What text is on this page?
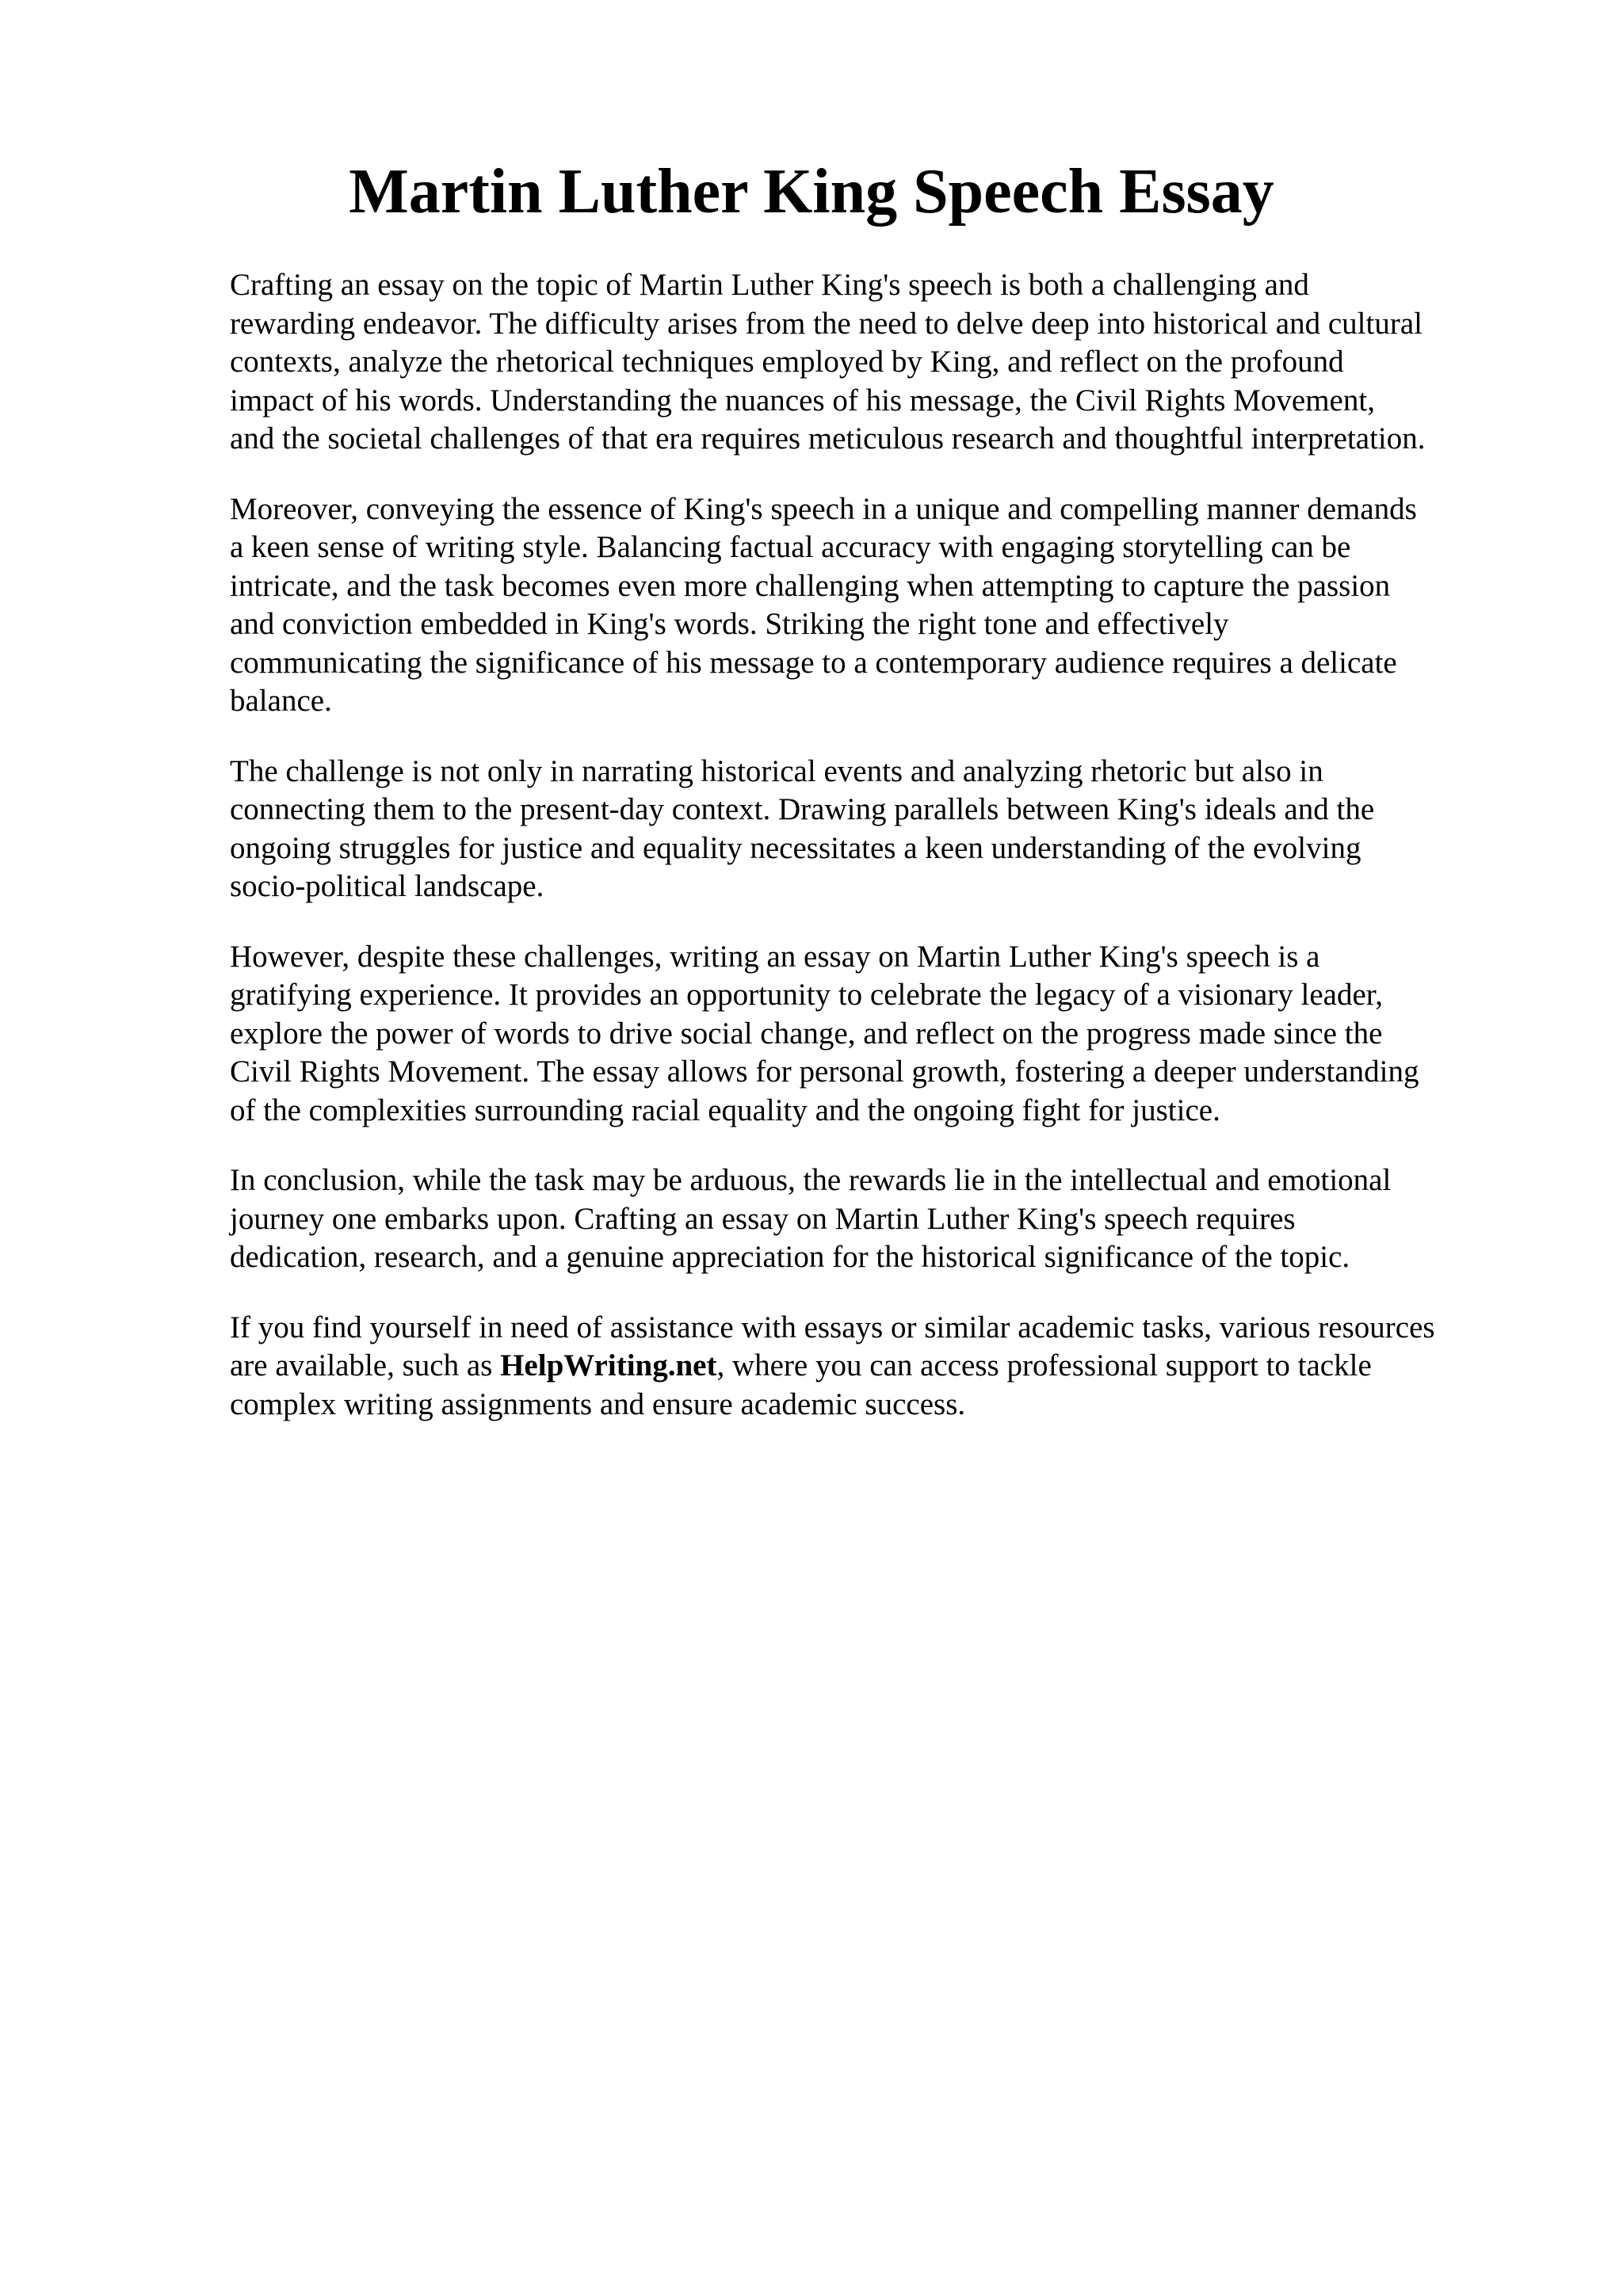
Martin Luther King Speech Essay

Crafting an essay on the topic of Martin Luther King's speech is both a challenging and
rewarding endeavor. The difficulty arises from the need to delve deep into historical and cultural
contexts, analyze the rhetorical techniques employed by King, and reflect on the profound
impact of his words. Understanding the nuances of his message, the Civil Rights Movement,
and the societal challenges of that era requires meticulous research and thoughtful interpretation.

Moreover, conveying the essence of King's speech in a unique and compelling manner demands
a keen sense of writing style. Balancing factual accuracy with engaging storytelling can be
intricate, and the task becomes even more challenging when attempting to capture the passion
and conviction embedded in King's words. Striking the right tone and effectively
communicating the significance of his message to a contemporary audience requires a delicate
balance.

The challenge is not only in narrating historical events and analyzing rhetoric but also in
connecting them to the present-day context. Drawing parallels between King's ideals and the
ongoing struggles for justice and equality necessitates a keen understanding of the evolving
socio-political landscape.

However, despite these challenges, writing an essay on Martin Luther King's speech is a
gratifying experience. It provides an opportunity to celebrate the legacy of a visionary leader,
explore the power of words to drive social change, and reflect on the progress made since the
Civil Rights Movement. The essay allows for personal growth, fostering a deeper understanding
of the complexities surrounding racial equality and the ongoing fight for justice.

In conclusion, while the task may be arduous, the rewards lie in the intellectual and emotional
journey one embarks upon. Crafting an essay on Martin Luther King's speech requires
dedication, research, and a genuine appreciation for the historical significance of the topic.

If you find yourself in need of assistance with essays or similar academic tasks, various resources
are available, such as HelpWriting.net, where you can access professional support to tackle
complex writing assignments and ensure academic success.
